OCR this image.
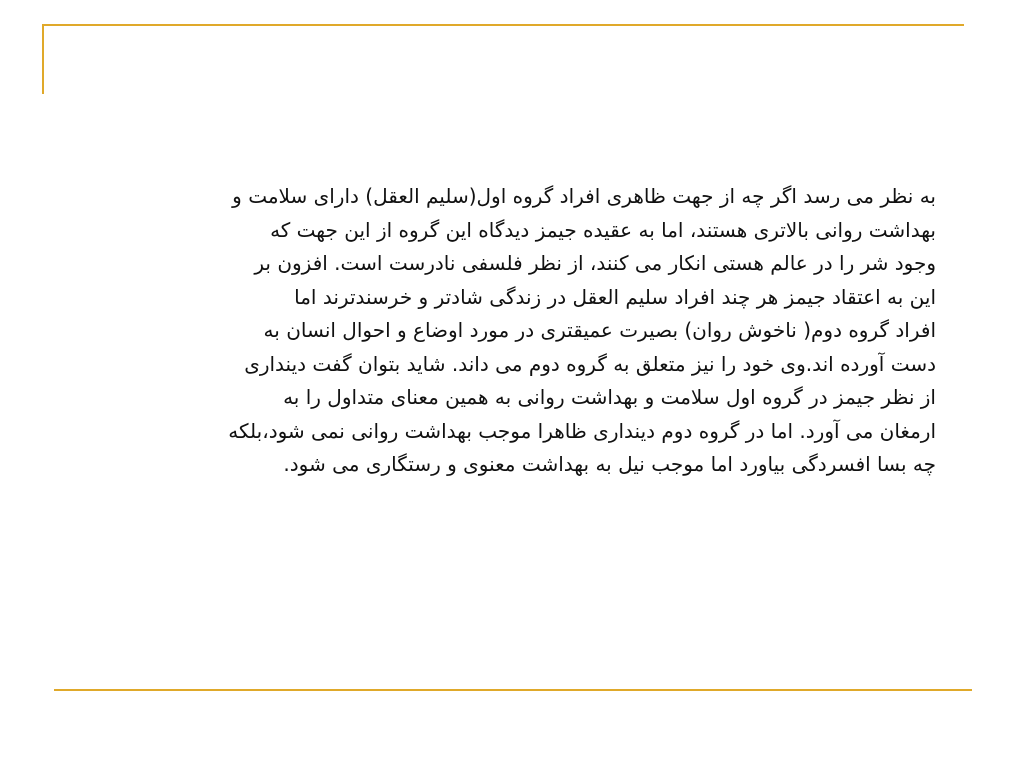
به نظر می رسد اگر چه از جهت ظاهری افراد گروه اول(سلیم العقل) دارای سلامت و
بهداشت روانی بالاتری هستند، اما به عقیده جیمز دیدگاه این گروه از این جهت که
وجود شر را در عالم هستی انکار می کنند، از نظر فلسفی نادرست است. افزون بر
این به اعتقاد جیمز هر چند افراد سلیم العقل در زندگی شادتر و خرسندترند اما
افراد گروه دوم( ناخوش روان) بصیرت عمیقتری در مورد اوضاع و احوال انسان به
دست آورده اند.وی خود را نیز متعلق به گروه دوم می داند. شاید بتوان گفت دینداری
از نظر جیمز در گروه اول سلامت و بهداشت روانی به همین معنای متداول را به
ارمغان می آورد. اما در گروه دوم دینداری ظاهرا موجب بهداشت روانی نمی شود،بلکه
چه بسا افسردگی بیاورد اما موجب نیل به بهداشت معنوی و رستگاری می شود.
